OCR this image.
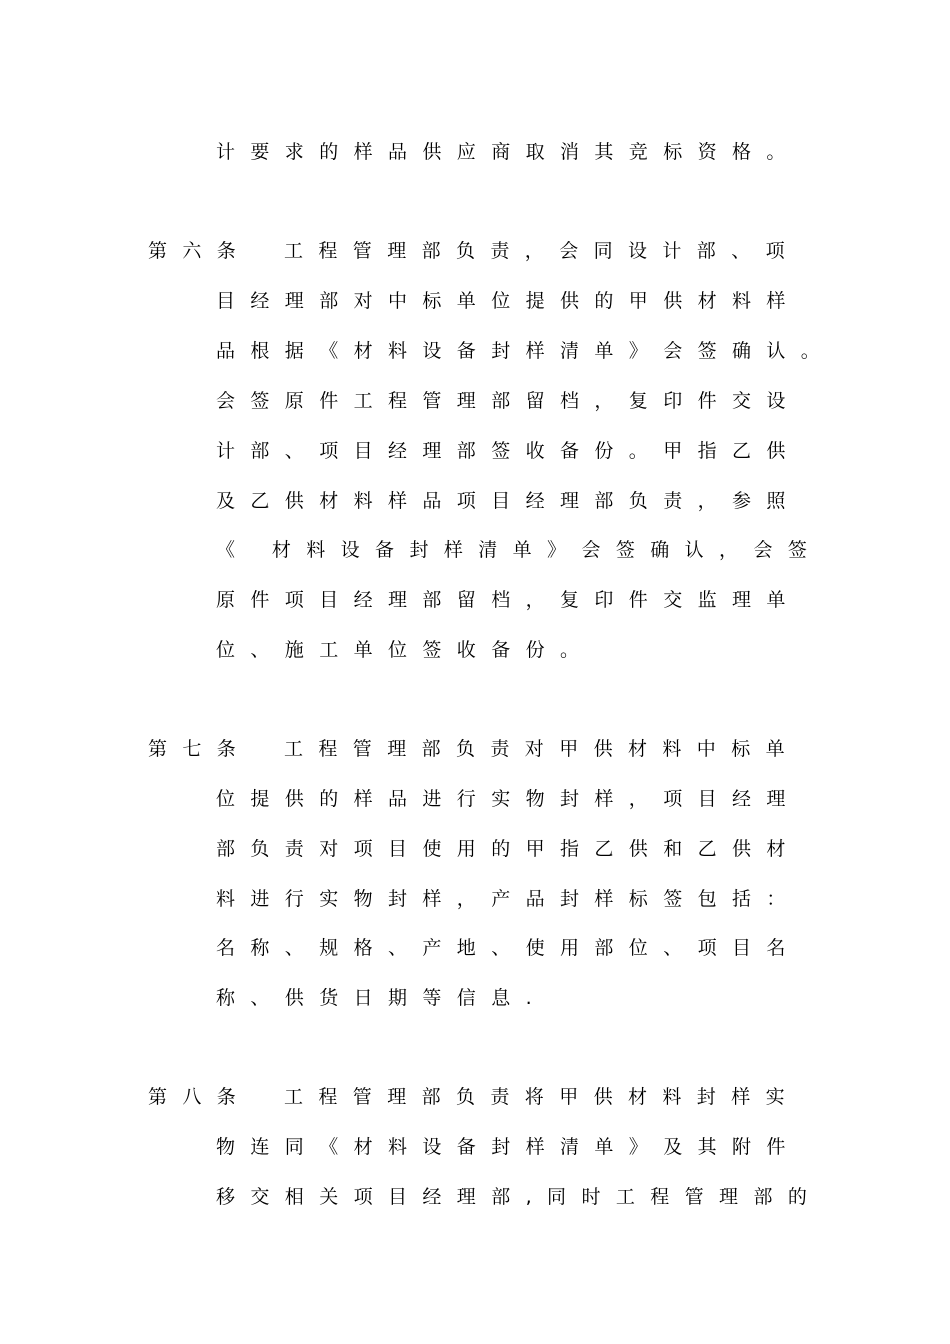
计要求的样品供应商取消其竞标资格。
第六条 工程管理部负责，会同设计部、项
目经理部对中标单位提供的甲供材料样
品根据《材料设备封样清单》会签确认。
会签原件工程管理部留档，复印件交设
计部、项目经理部签收备份。甲指乙供
及乙供材料样品项目经理部负责，参照
《 材料设备封样清单》会签确认，会签
原件项目经理部留档，复印件交监理单
位、施工单位签收备份。
第七条 工程管理部负责对甲供材料中标单
位提供的样品进行实物封样，项目经理
部负责对项目使用的甲指乙供和乙供材
料进行实物封样，产品封样标签包括：
名称、规格、产地、使用部位、项目名
称、供货日期等信息.
第八条 工程管理部负责将甲供材料封样实
物连同《材料设备封样清单》及其附件
移交相关项目经理部,同时工程管理部的
